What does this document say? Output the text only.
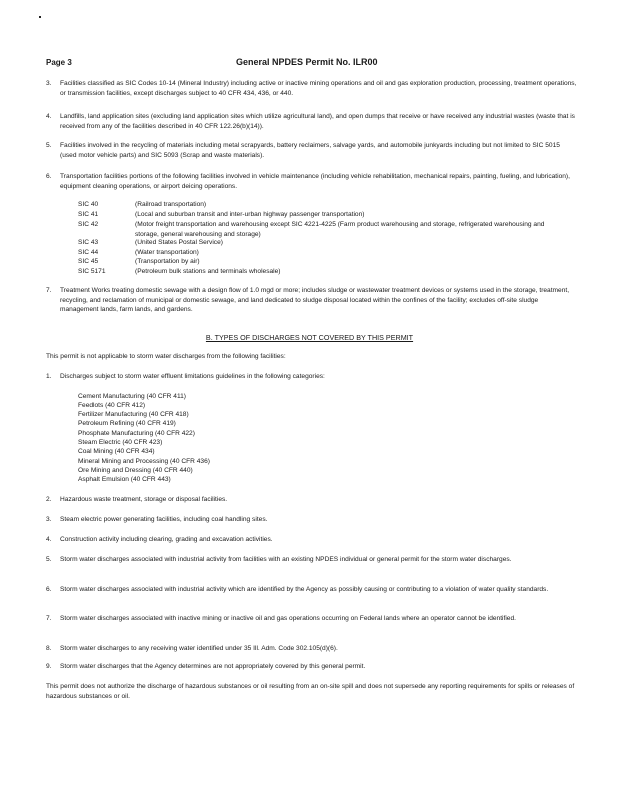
Page 3	General NPDES Permit No. ILR00
3.	Facilities classified as SIC Codes 10-14 (Mineral Industry) including active or inactive mining operations and oil and gas exploration production, processing, treatment operations, or transmission facilities, except discharges subject to 40 CFR 434, 436, or 440.
4.	Landfills, land application sites (excluding land application sites which utilize agricultural land), and open dumps that receive or have received any industrial wastes (waste that is received from any of the facilities described in 40 CFR 122.26(b)(14)).
5.	Facilities involved in the recycling of materials including metal scrapyards, battery reclaimers, salvage yards, and automobile junkyards including but not limited to SIC 5015 (used motor vehicle parts) and SIC 5093 (Scrap and waste materials).
6.	Transportation facilities portions of the following facilities involved in vehicle maintenance (including vehicle rehabilitation, mechanical repairs, painting, fueling, and lubrication), equipment cleaning operations, or airport deicing operations.
SIC 40	(Railroad transportation)
SIC 41	(Local and suburban transit and inter-urban highway passenger transportation)
SIC 42	(Motor freight transportation and warehousing except SIC 4221-4225 (Farm product warehousing and storage, refrigerated warehousing and storage, general warehousing and storage)
SIC 43	(United States Postal Service)
SIC 44	(Water transportation)
SIC 45	(Transportation by air)
SIC 5171	(Petroleum bulk stations and terminals wholesale)
7.	Treatment Works treating domestic sewage with a design flow of 1.0 mgd or more; includes sludge or wastewater treatment devices or systems used in the storage, treatment, recycling, and reclamation of municipal or domestic sewage, and land dedicated to sludge disposal located within the confines of the facility; excludes off-site sludge management lands, farm lands, and gardens.
B. TYPES OF DISCHARGES NOT COVERED BY THIS PERMIT
This permit is not applicable to storm water discharges from the following facilities:
1.	Discharges subject to storm water effluent limitations guidelines in the following categories:
Cement Manufacturing (40 CFR 411)
Feedlots (40 CFR 412)
Fertilizer Manufacturing (40 CFR 418)
Petroleum Refining (40 CFR 419)
Phosphate Manufacturing (40 CFR 422)
Steam Electric (40 CFR 423)
Coal Mining (40 CFR 434)
Mineral Mining and Processing (40 CFR 436)
Ore Mining and Dressing (40 CFR 440)
Asphalt Emulsion (40 CFR 443)
2.	Hazardous waste treatment, storage or disposal facilities.
3.	Steam electric power generating facilities, including coal handling sites.
4.	Construction activity including clearing, grading and excavation activities.
5.	Storm water discharges associated with industrial activity from facilities with an existing NPDES individual or general permit for the storm water discharges.
6.	Storm water discharges associated with industrial activity which are identified by the Agency as possibly causing or contributing to a violation of water quality standards.
7.	Storm water discharges associated with inactive mining or inactive oil and gas operations occurring on Federal lands where an operator cannot be identified.
8.	Storm water discharges to any receiving water identified under 35 Ill. Adm. Code 302.105(d)(6).
9.	Storm water discharges that the Agency determines are not appropriately covered by this general permit.
This permit does not authorize the discharge of hazardous substances or oil resulting from an on-site spill and does not supersede any reporting requirements for spills or releases of hazardous substances or oil.
